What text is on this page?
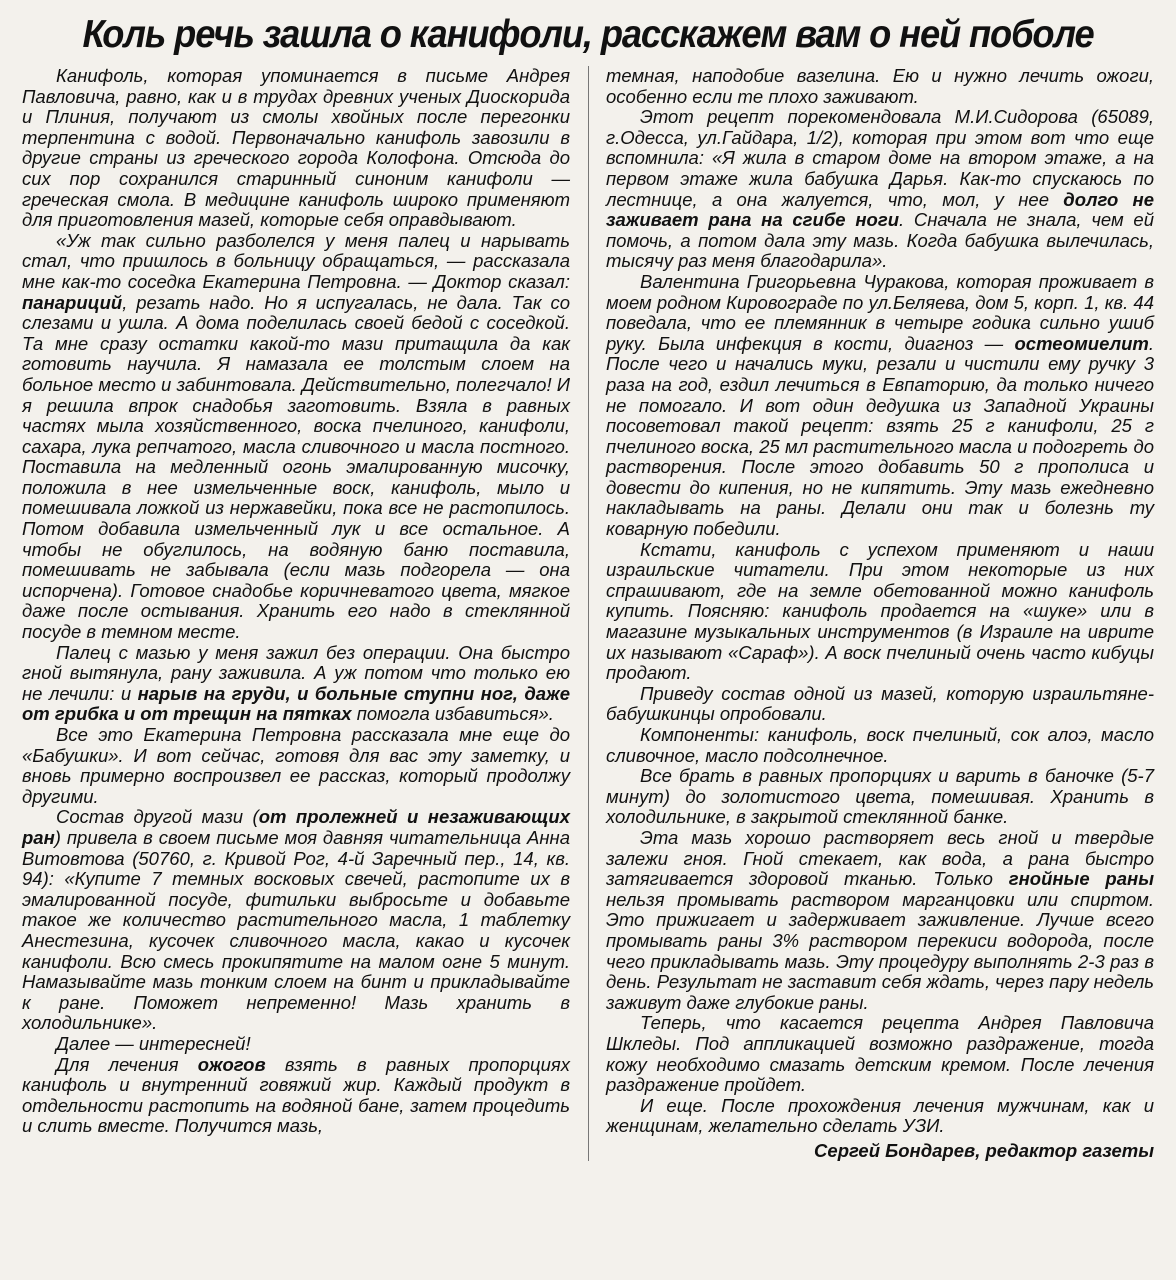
Коль речь зашла о канифоли, расскажем вам о ней поболе

Канифоль, которая упоминается в письме Андрея Павловича, равно, как и в трудах древних ученых Диоскорида и Плиния, получают из смолы хвойных после перегонки терпентина с водой. Первоначально канифоль завозили в другие страны из греческого города Колофона. Отсюда до сих пор сохранился старинный синоним канифоли — греческая смола. В медицине канифоль широко применяют для приготовления мазей, которые себя оправдывают.

«Уж так сильно разболелся у меня палец и нарывать стал, что пришлось в больницу обращаться, — рассказала мне как-то соседка Екатерина Петровна. — Доктор сказал: панариций, резать надо. Но я испугалась, не дала. Так со слезами и ушла. А дома поделилась своей бедой с соседкой. Та мне сразу остатки какой-то мази притащила да как готовить научила. Я намазала ее толстым слоем на больное место и забинтовала. Действительно, полегчало! И я решила впрок снадобья заготовить. Взяла в равных частях мыла хозяйственного, воска пчелиного, канифоли, сахара, лука репчатого, масла сливочного и масла постного. Поставила на медленный огонь эмалированную мисочку, положила в нее измельченные воск, канифоль, мыло и помешивала ложкой из нержавейки, пока все не растопилось. Потом добавила измельченный лук и все остальное. А чтобы не обуглилось, на водяную баню поставила, помешивать не забывала (если мазь подгорела — она испорчена). Готовое снадобье коричневатого цвета, мягкое даже после остывания. Хранить его надо в стеклянной посуде в темном месте.

Палец с мазью у меня зажил без операции. Она быстро гной вытянула, рану заживила. А уж потом что только ею не лечили: и нарыв на груди, и больные ступни ног, даже от грибка и от трещин на пятках помогла избавиться».

Все это Екатерина Петровна рассказала мне еще до «Бабушки». И вот сейчас, готовя для вас эту заметку, и вновь примерно воспроизвел ее рассказ, который продолжу другими.

Состав другой мази (от пролежней и незаживающих ран) привела в своем письме моя давняя читательница Анна Витовтова (50760, г. Кривой Рог, 4-й Заречный пер., 14, кв. 94): «Купите 7 темных восковых свечей, растопите их в эмалированной посуде, фитильки выбросьте и добавьте такое же количество растительного масла, 1 таблетку Анестезина, кусочек сливочного масла, какао и кусочек канифоли. Всю смесь прокипятите на малом огне 5 минут. Намазывайте мазь тонким слоем на бинт и прикладывайте к ране. Поможет непременно! Мазь хранить в холодильнике».

Далее — интересней!

Для лечения ожогов взять в равных пропорциях канифоль и внутренний говяжий жир. Каждый продукт в отдельности растопить на водяной бане, затем процедить и слить вместе. Получится мазь,

темная, наподобие вазелина. Ею и нужно лечить ожоги, особенно если те плохо заживают.

Этот рецепт порекомендовала М.И.Сидорова (65089, г.Одесса, ул.Гайдара, 1/2), которая при этом вот что еще вспомнила: «Я жила в старом доме на втором этаже, а на первом этаже жила бабушка Дарья. Как-то спускаюсь по лестнице, а она жалуется, что, мол, у нее долго не заживает рана на сгибе ноги. Сначала не знала, чем ей помочь, а потом дала эту мазь. Когда бабушка вылечилась, тысячу раз меня благодарила».

Валентина Григорьевна Чуракова, которая проживает в моем родном Кировограде по ул.Беляева, дом 5, корп. 1, кв. 44 поведала, что ее племянник в четыре годика сильно ушиб руку. Была инфекция в кости, диагноз — остеомиелит. После чего и начались муки, резали и чистили ему ручку 3 раза на год, ездил лечиться в Евпаторию, да только ничего не помогало. И вот один дедушка из Западной Украины посоветовал такой рецепт: взять 25 г канифоли, 25 г пчелиного воска, 25 мл растительного масла и подогреть до растворения. После этого добавить 50 г прополиса и довести до кипения, но не кипятить. Эту мазь ежедневно накладывать на раны. Делали они так и болезнь ту коварную победили.

Кстати, канифоль с успехом применяют и наши израильские читатели. При этом некоторые из них спрашивают, где на земле обетованной можно канифоль купить. Поясняю: канифоль продается на «шуке» или в магазине музыкальных инструментов (в Израиле на иврите их называют «Сараф»). А воск пчелиный очень часто кибуцы продают.

Приведу состав одной из мазей, которую израильтяне-бабушкинцы опробовали.

Компоненты: канифоль, воск пчелиный, сок алоэ, масло сливочное, масло подсолнечное.

Все брать в равных пропорциях и варить в баночке (5-7 минут) до золотистого цвета, помешивая. Хранить в холодильнике, в закрытой стеклянной банке.

Эта мазь хорошо растворяет весь гной и твердые залежи гноя. Гной стекает, как вода, а рана быстро затягивается здоровой тканью. Только гнойные раны нельзя промывать раствором марганцовки или спиртом. Это прижигает и задерживает заживление. Лучше всего промывать раны 3% раствором перекиси водорода, после чего прикладывать мазь. Эту процедуру выполнять 2-3 раз в день. Результат не заставит себя ждать, через пару недель заживут даже глубокие раны.

Теперь, что касается рецепта Андрея Павловича Шкледы. Под аппликацией возможно раздражение, тогда кожу необходимо смазать детским кремом. После лечения раздражение пройдет.

И еще. После прохождения лечения мужчинам, как и женщинам, желательно сделать УЗИ.

Сергей Бондарев, редактор газеты
